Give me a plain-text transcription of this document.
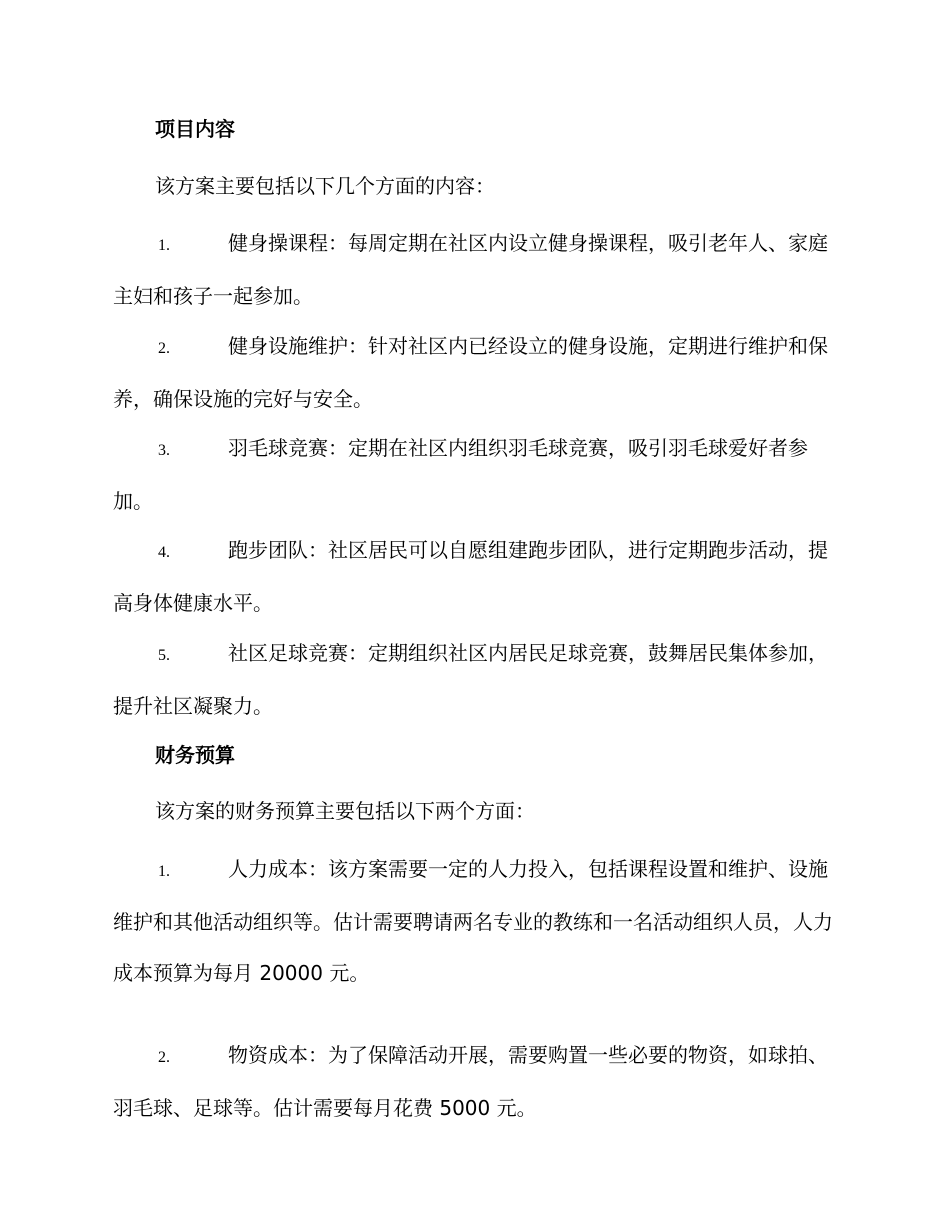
项目内容

该方案主要包括以下几个方面的内容：

1.	健身操课程：每周定期在社区内设立健身操课程，吸引老年人、家庭主妇和孩子一起参加。

2.	健身设施维护：针对社区内已经设立的健身设施，定期进行维护和保养，确保设施的完好与安全。

3.	羽毛球竞赛：定期在社区内组织羽毛球竞赛，吸引羽毛球爱好者参加。

4.	跑步团队：社区居民可以自愿组建跑步团队，进行定期跑步活动，提高身体健康水平。

5.	社区足球竞赛：定期组织社区内居民足球竞赛，鼓舞居民集体参加，提升社区凝聚力。

财务预算

该方案的财务预算主要包括以下两个方面：

1.	人力成本：该方案需要一定的人力投入，包括课程设置和维护、设施维护和其他活动组织等。估计需要聘请两名专业的教练和一名活动组织人员，人力成本预算为每月 20000 元。

2.	物资成本：为了保障活动开展，需要购置一些必要的物资，如球拍、羽毛球、足球等。估计需要每月花费 5000 元。
